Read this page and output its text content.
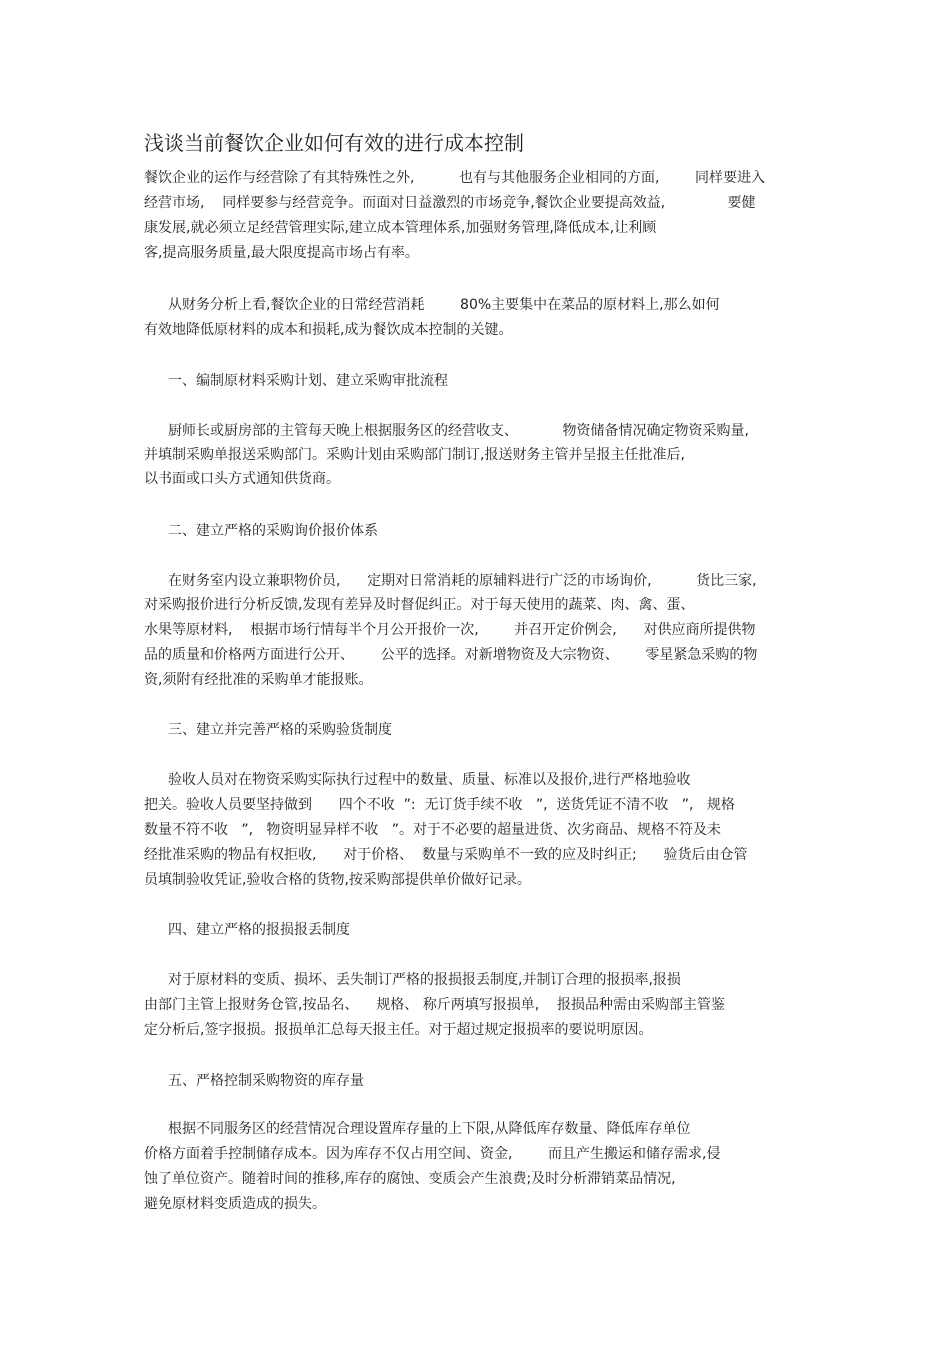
浅谈当前餐饮企业如何有效的进行成本控制
餐饮企业的运作与经营除了有其特殊性之外,          也有与其他服务企业相同的方面,        同样要进入
经营市场,    同样要参与经营竞争。而面对日益激烈的市场竞争,餐饮企业要提高效益,              要健
康发展,就必须立足经营管理实际,建立成本管理体系,加强财务管理,降低成本,让利顾
客,提高服务质量,最大限度提高市场占有率。
从财务分析上看,餐饮企业的日常经营消耗        80%主要集中在菜品的原材料上,那么如何
有效地降低原材料的成本和损耗,成为餐饮成本控制的关键。
一、编制原材料采购计划、建立采购审批流程
厨师长或厨房部的主管每天晚上根据服务区的经营收支、          物资储备情况确定物资采购量,
并填制采购单报送采购部门。采购计划由采购部门制订,报送财务主管并呈报主任批准后,
以书面或口头方式通知供货商。
二、建立严格的采购询价报价体系
在财务室内设立兼职物价员,      定期对日常消耗的原辅料进行广泛的市场询价,          货比三家,
对采购报价进行分析反馈,发现有差异及时督促纠正。对于每天使用的蔬菜、肉、禽、蛋、
水果等原材料,    根据市场行情每半个月公开报价一次,        并召开定价例会,      对供应商所提供物
品的质量和价格两方面进行公开、      公平的选择。对新增物资及大宗物资、      零星紧急采购的物
资,须附有经批准的采购单才能报账。
三、建立并完善严格的采购验货制度
验收人员对在物资采购实际执行过程中的数量、质量、标准以及报价,进行严格地验收
把关。验收人员要坚持做到      四个不收  ”:  无订货手续不收   ”,  送货凭证不清不收   ”,   规格
数量不符不收   ”,   物资明显异样不收   ”。对于不必要的超量进货、次劣商品、规格不符及未
经批准采购的物品有权拒收,      对于价格、  数量与采购单不一致的应及时纠正;      验货后由仓管
员填制验收凭证,验收合格的货物,按采购部提供单价做好记录。
四、建立严格的报损报丢制度
对于原材料的变质、损坏、丢失制订严格的报损报丢制度,并制订合理的报损率,报损
由部门主管上报财务仓管,按品名、    规格、 称斤两填写报损单,    报损品种需由采购部主管鉴
定分析后,签字报损。报损单汇总每天报主任。对于超过规定报损率的要说明原因。
五、严格控制采购物资的库存量
根据不同服务区的经营情况合理设置库存量的上下限,从降低库存数量、降低库存单位
价格方面着手控制储存成本。因为库存不仅占用空间、资金,        而且产生搬运和储存需求,侵
蚀了单位资产。随着时间的推移,库存的腐蚀、变质会产生浪费;及时分析滞销菜品情况,
避免原材料变质造成的损失。
